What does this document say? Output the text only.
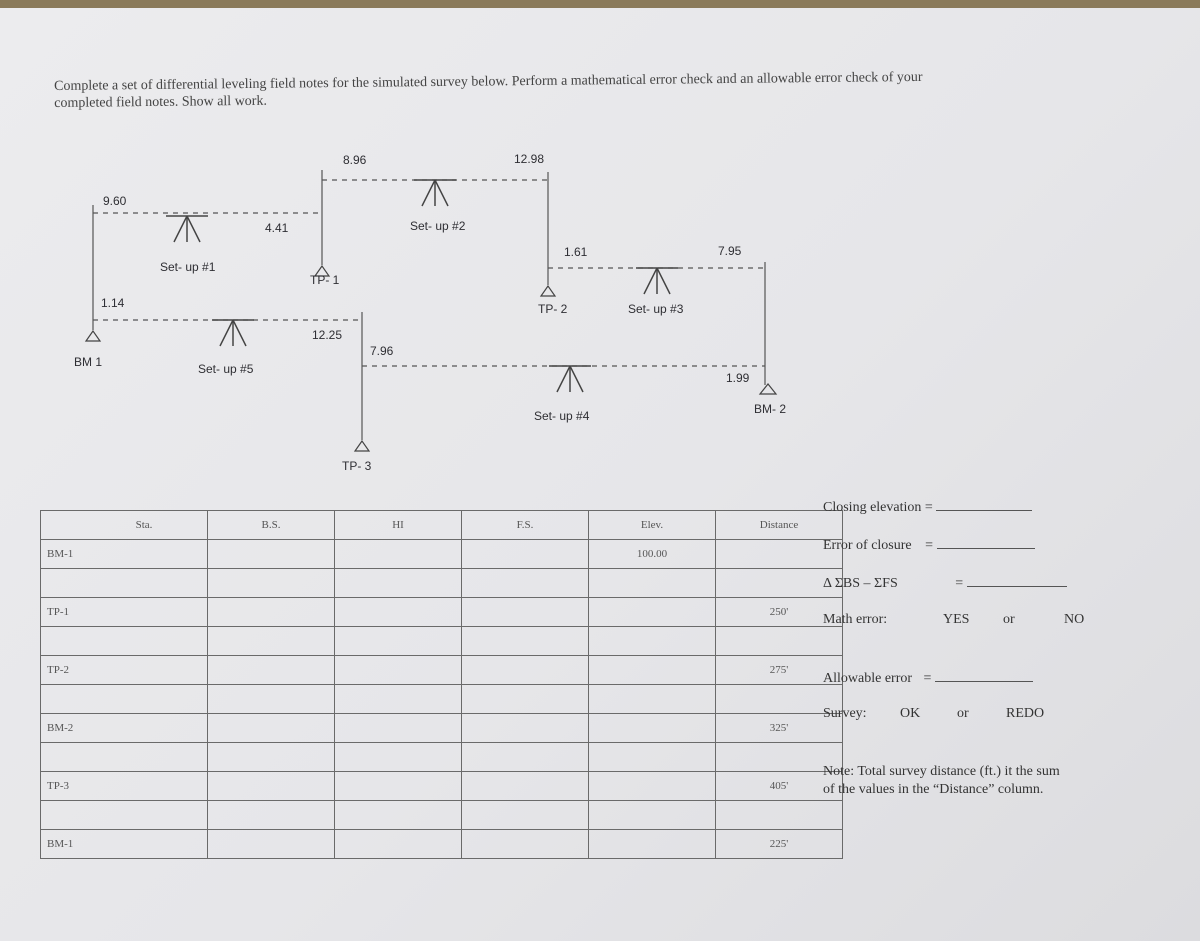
Complete a set of differential leveling field notes for the simulated survey below. Perform a mathematical error check and an allowable error check of your
completed field notes. Show all work.
9.60
1.14
4.41
12.25
8.96
7.96
12.98
1.61	7.95
1.99
Set- up #1
Set- up #2
Set- up #3
Set- up #4
Set- up #5
BM 1
TP- 1
TP- 2
TP- 3
BM- 2
Sta.	B.S.	HI	F.S.	Elev.	Distance
BM-1				100.00	

TP-1					250'

TP-2					275'

BM-2					325'

TP-3					405'

BM-1					225'
Closing elevation =
Error of closure =
Δ ΣBS – ΣFS	=
Math error:	YES or	NO
Allowable error =
Survey: OK	or	REDO
Note: Total survey distance (ft.) it the sum
of the values in the “Distance” column.
